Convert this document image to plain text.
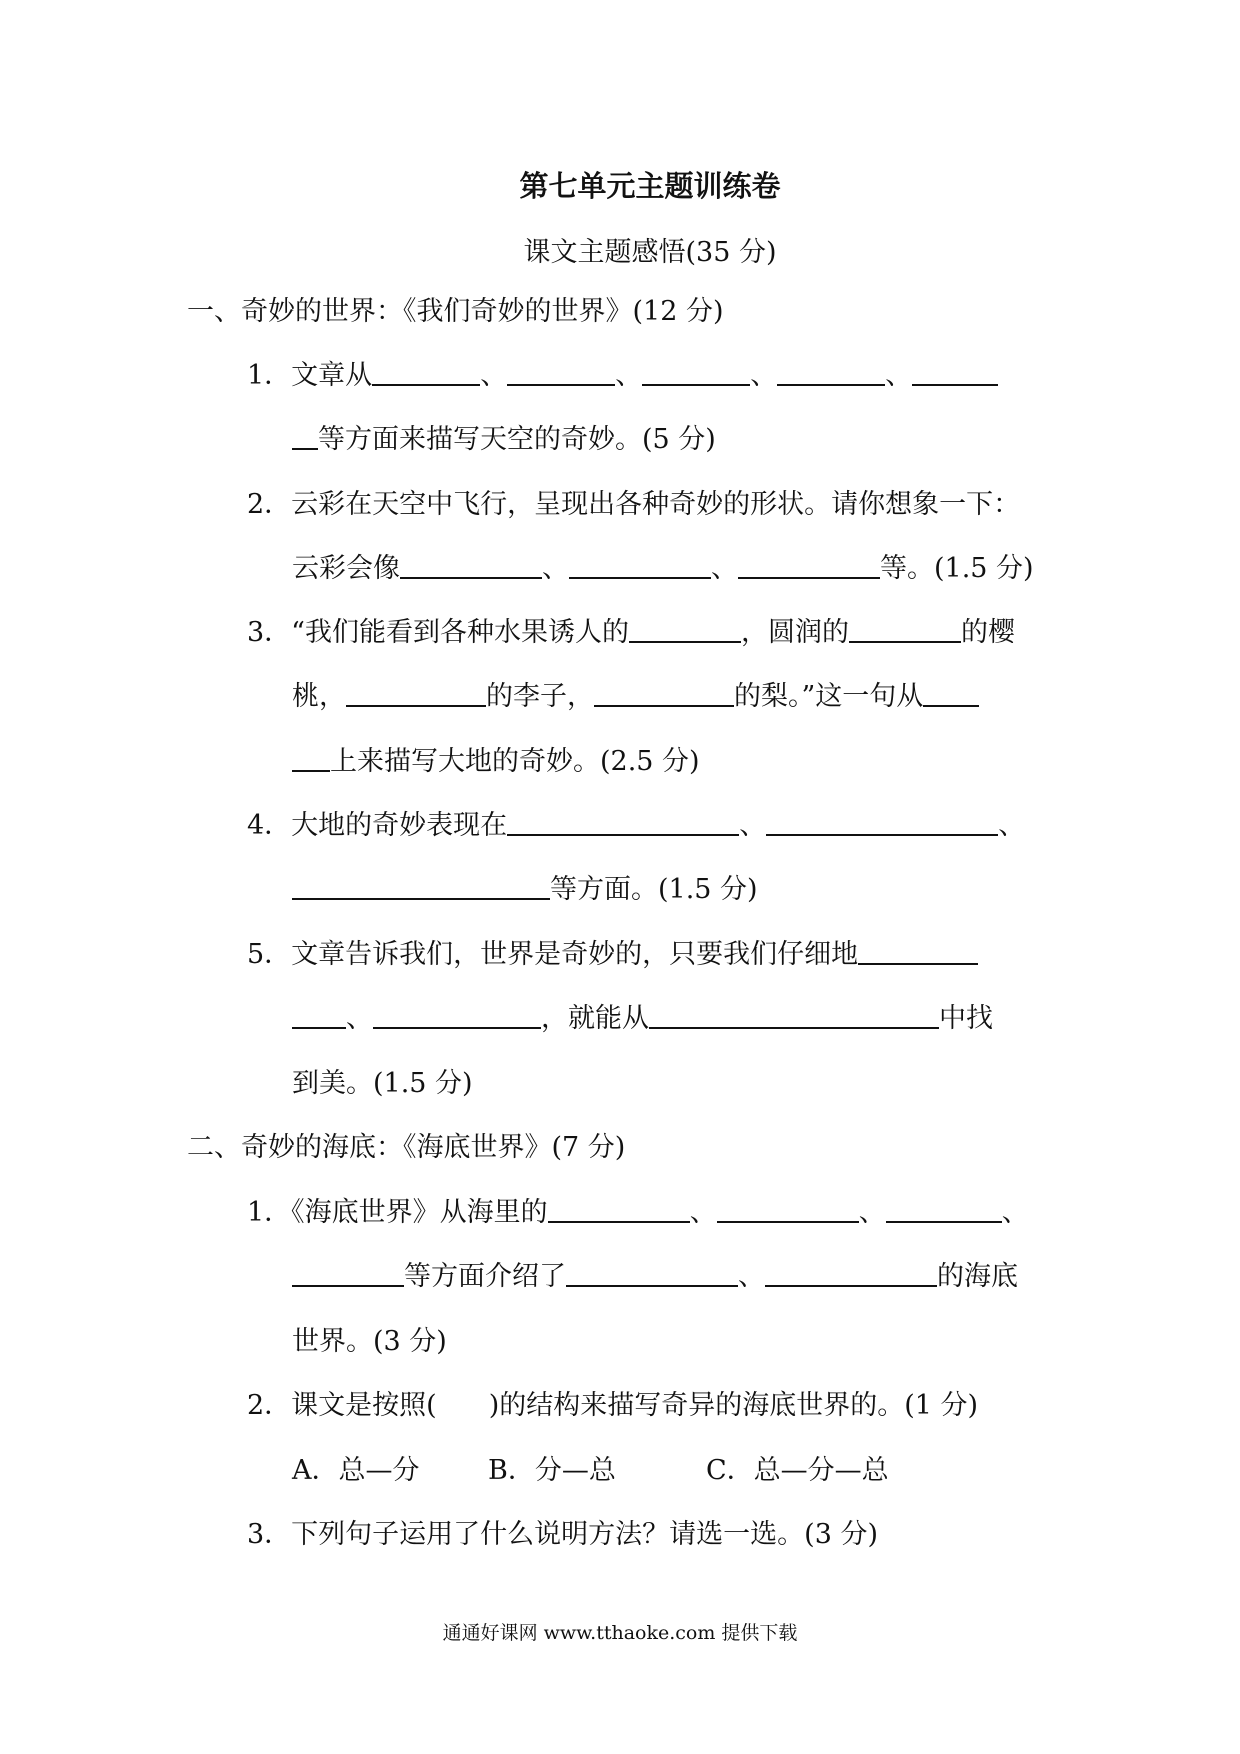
第七单元主题训练卷
课文主题感悟(35 分)
一、奇妙的世界：《我们奇妙的世界》(12 分)
1．文章从	、	、	、	、
等方面来描写天空的奇妙。(5 分)
2．云彩在天空中飞行，呈现出各种奇妙的形状。请你想象一下：
云彩会像	、	、	等。(1.5 分)
3．“我们能看到各种水果诱人的	，圆润的	的樱
桃，	的李子，	的梨。”这一句从
上来描写大地的奇妙。(2.5 分)
4．大地的奇妙表现在	、	、
等方面。(1.5 分)
5．文章告诉我们，世界是奇妙的，只要我们仔细地
、	，就能从	中找
到美。(1.5 分)
二、奇妙的海底：《海底世界》(7 分)
1．《海底世界》从海里的	、	、	、
等方面介绍了	、	的海底
世界。(3 分)
2．课文是按照( )的结构来描写奇异的海底世界的。(1 分)
A．总—分	B．分—总	C．总—分—总
3．下列句子运用了什么说明方法？请选一选。(3 分)
通通好课网 www.tthaoke.com 提供下载
